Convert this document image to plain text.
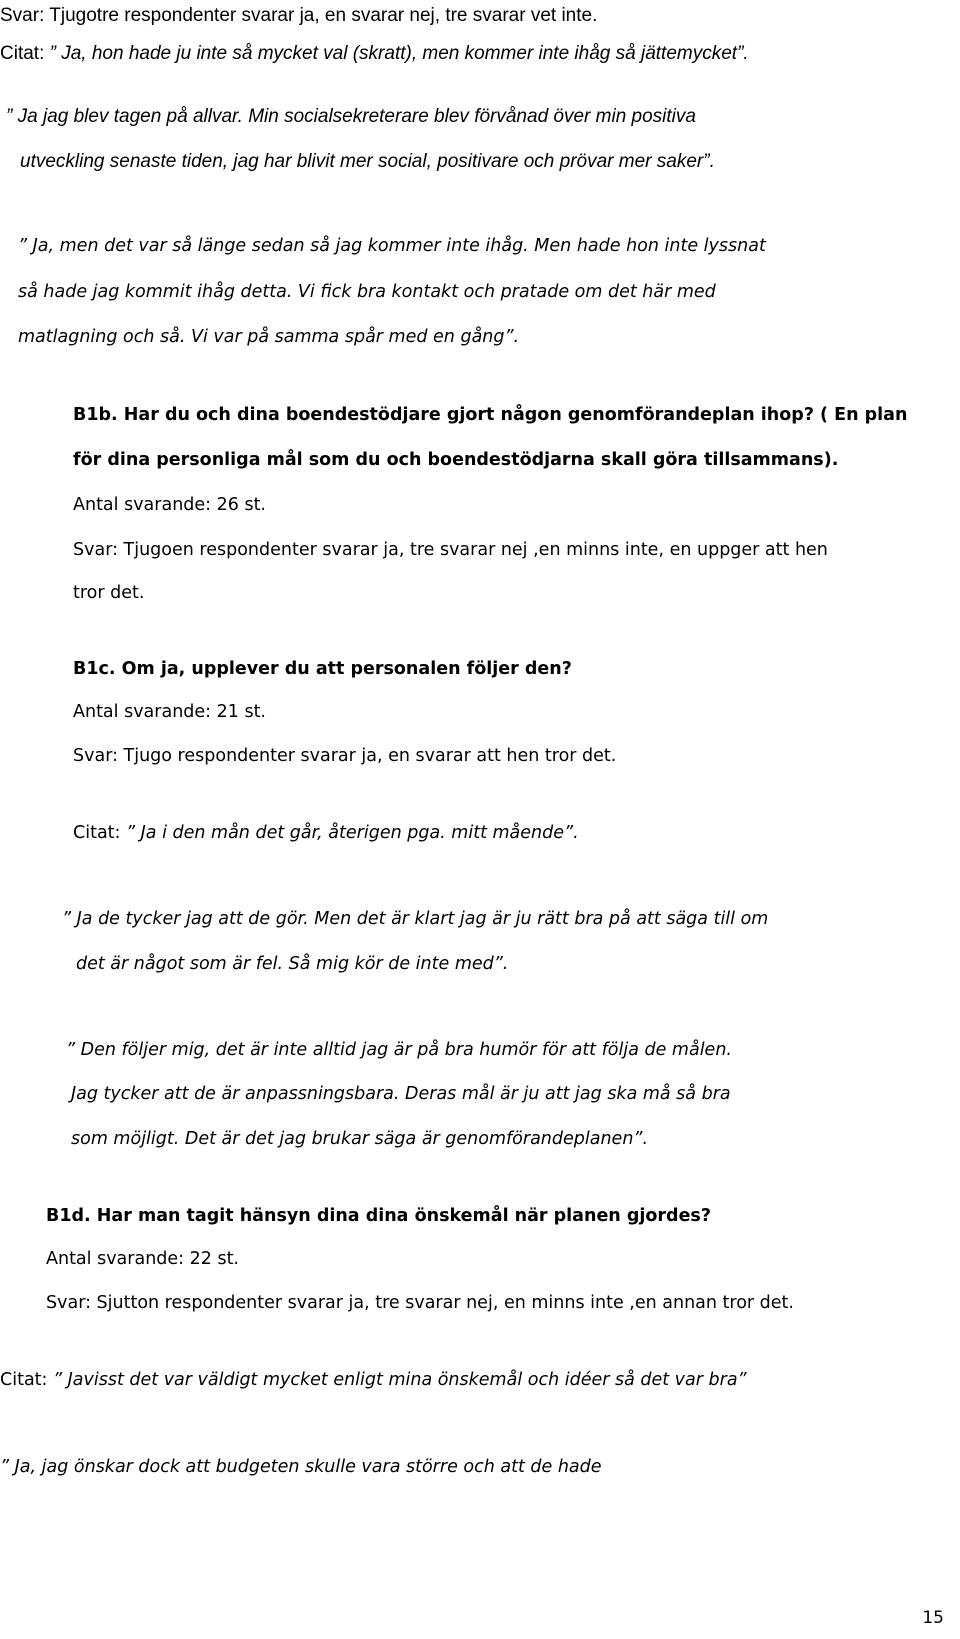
Svar: Tjugotre respondenter svarar ja, en svarar nej, tre svarar vet inte.
Citat: ” Ja, hon hade ju inte så mycket val (skratt), men kommer inte ihåg så jättemycket”.
” Ja jag blev tagen på allvar. Min socialsekreterare blev förvånad över min positiva
utveckling senaste tiden, jag har blivit mer social, positivare och prövar mer saker”.
” Ja, men det var så länge sedan så jag kommer inte ihåg. Men hade hon inte lyssnat
så hade jag kommit ihåg detta. Vi fick bra kontakt och pratade om det här med
matlagning och så. Vi var på samma spår med en gång”.
B1b. Har du och dina boendestödjare gjort någon genomförandeplan ihop? ( En plan
för dina personliga mål som du och boendestödjarna skall göra tillsammans).
Antal svarande: 26 st.
Svar: Tjugoen respondenter svarar ja, tre svarar nej ,en minns inte, en uppger att hen
tror det.
B1c. Om ja, upplever du att personalen följer den?
Antal svarande: 21 st.
Svar: Tjugo respondenter svarar ja, en svarar att hen tror det.
Citat: ” Ja i den mån det går, återigen pga. mitt mående”.
” Ja de tycker jag att de gör. Men det är klart jag är ju rätt bra på att säga till om
det är något som är fel. Så mig kör de inte med”.
” Den följer mig, det är inte alltid jag är på bra humör för att följa de målen.
Jag tycker att de är anpassningsbara. Deras mål är ju att jag ska må så bra
som möjligt. Det är det jag brukar säga är genomförandeplanen”.
B1d. Har man tagit hänsyn dina dina önskemål när planen gjordes?
Antal svarande: 22 st.
Svar: Sjutton respondenter svarar ja, tre svarar nej, en minns inte ,en annan tror det.
Citat: ” Javisst det var väldigt mycket enligt mina önskemål och idéer så det var bra”
” Ja, jag önskar dock att budgeten skulle vara större och att de hade
15
